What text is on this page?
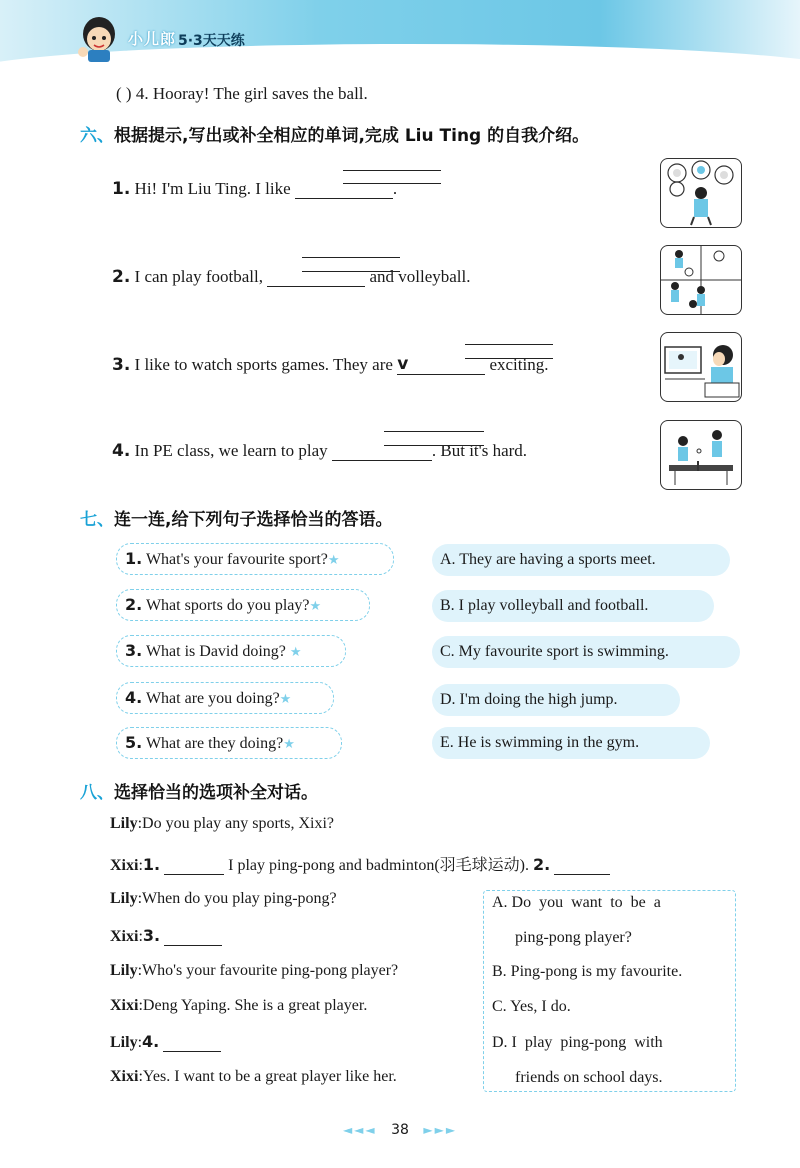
小儿郎 5·3天天练
( ) 4. Hooray! The girl saves the ball.
六、根据提示,写出或补全相应的单词,完成 Liu Ting 的自我介绍。
1. Hi! I'm Liu Ting. I like	.
2. I can play football,	and volleyball.
3. I like to watch sports games. They are v	exciting.
4. In PE class, we learn to play	. But it's hard.
七、连一连,给下列句子选择恰当的答语。
1. What's your favourite sport?★
2. What sports do you play?★
3. What is David doing? ★
4. What are you doing?★
5. What are they doing?★
A. They are having a sports meet.
B. I play volleyball and football.
C. My favourite sport is swimming.
D. I'm doing the high jump.
E. He is swimming in the gym.
八、选择恰当的选项补全对话。
Lily:Do you play any sports, Xixi?
Xixi:1.	I play ping-pong and badminton(羽毛球运动). 2.
Lily:When do you play ping-pong?
Xixi:3.
Lily:Who's your favourite ping-pong player?
Xixi:Deng Yaping. She is a great player.
Lily:4.
Xixi:Yes. I want to be a great player like her.
A. Do  you  want  to  be  a
ping-pong player?
B. Ping-pong is my favourite.
C. Yes, I do.
D. I  play  ping-pong  with
friends on school days.
◄◄◄ 38 ►►►
